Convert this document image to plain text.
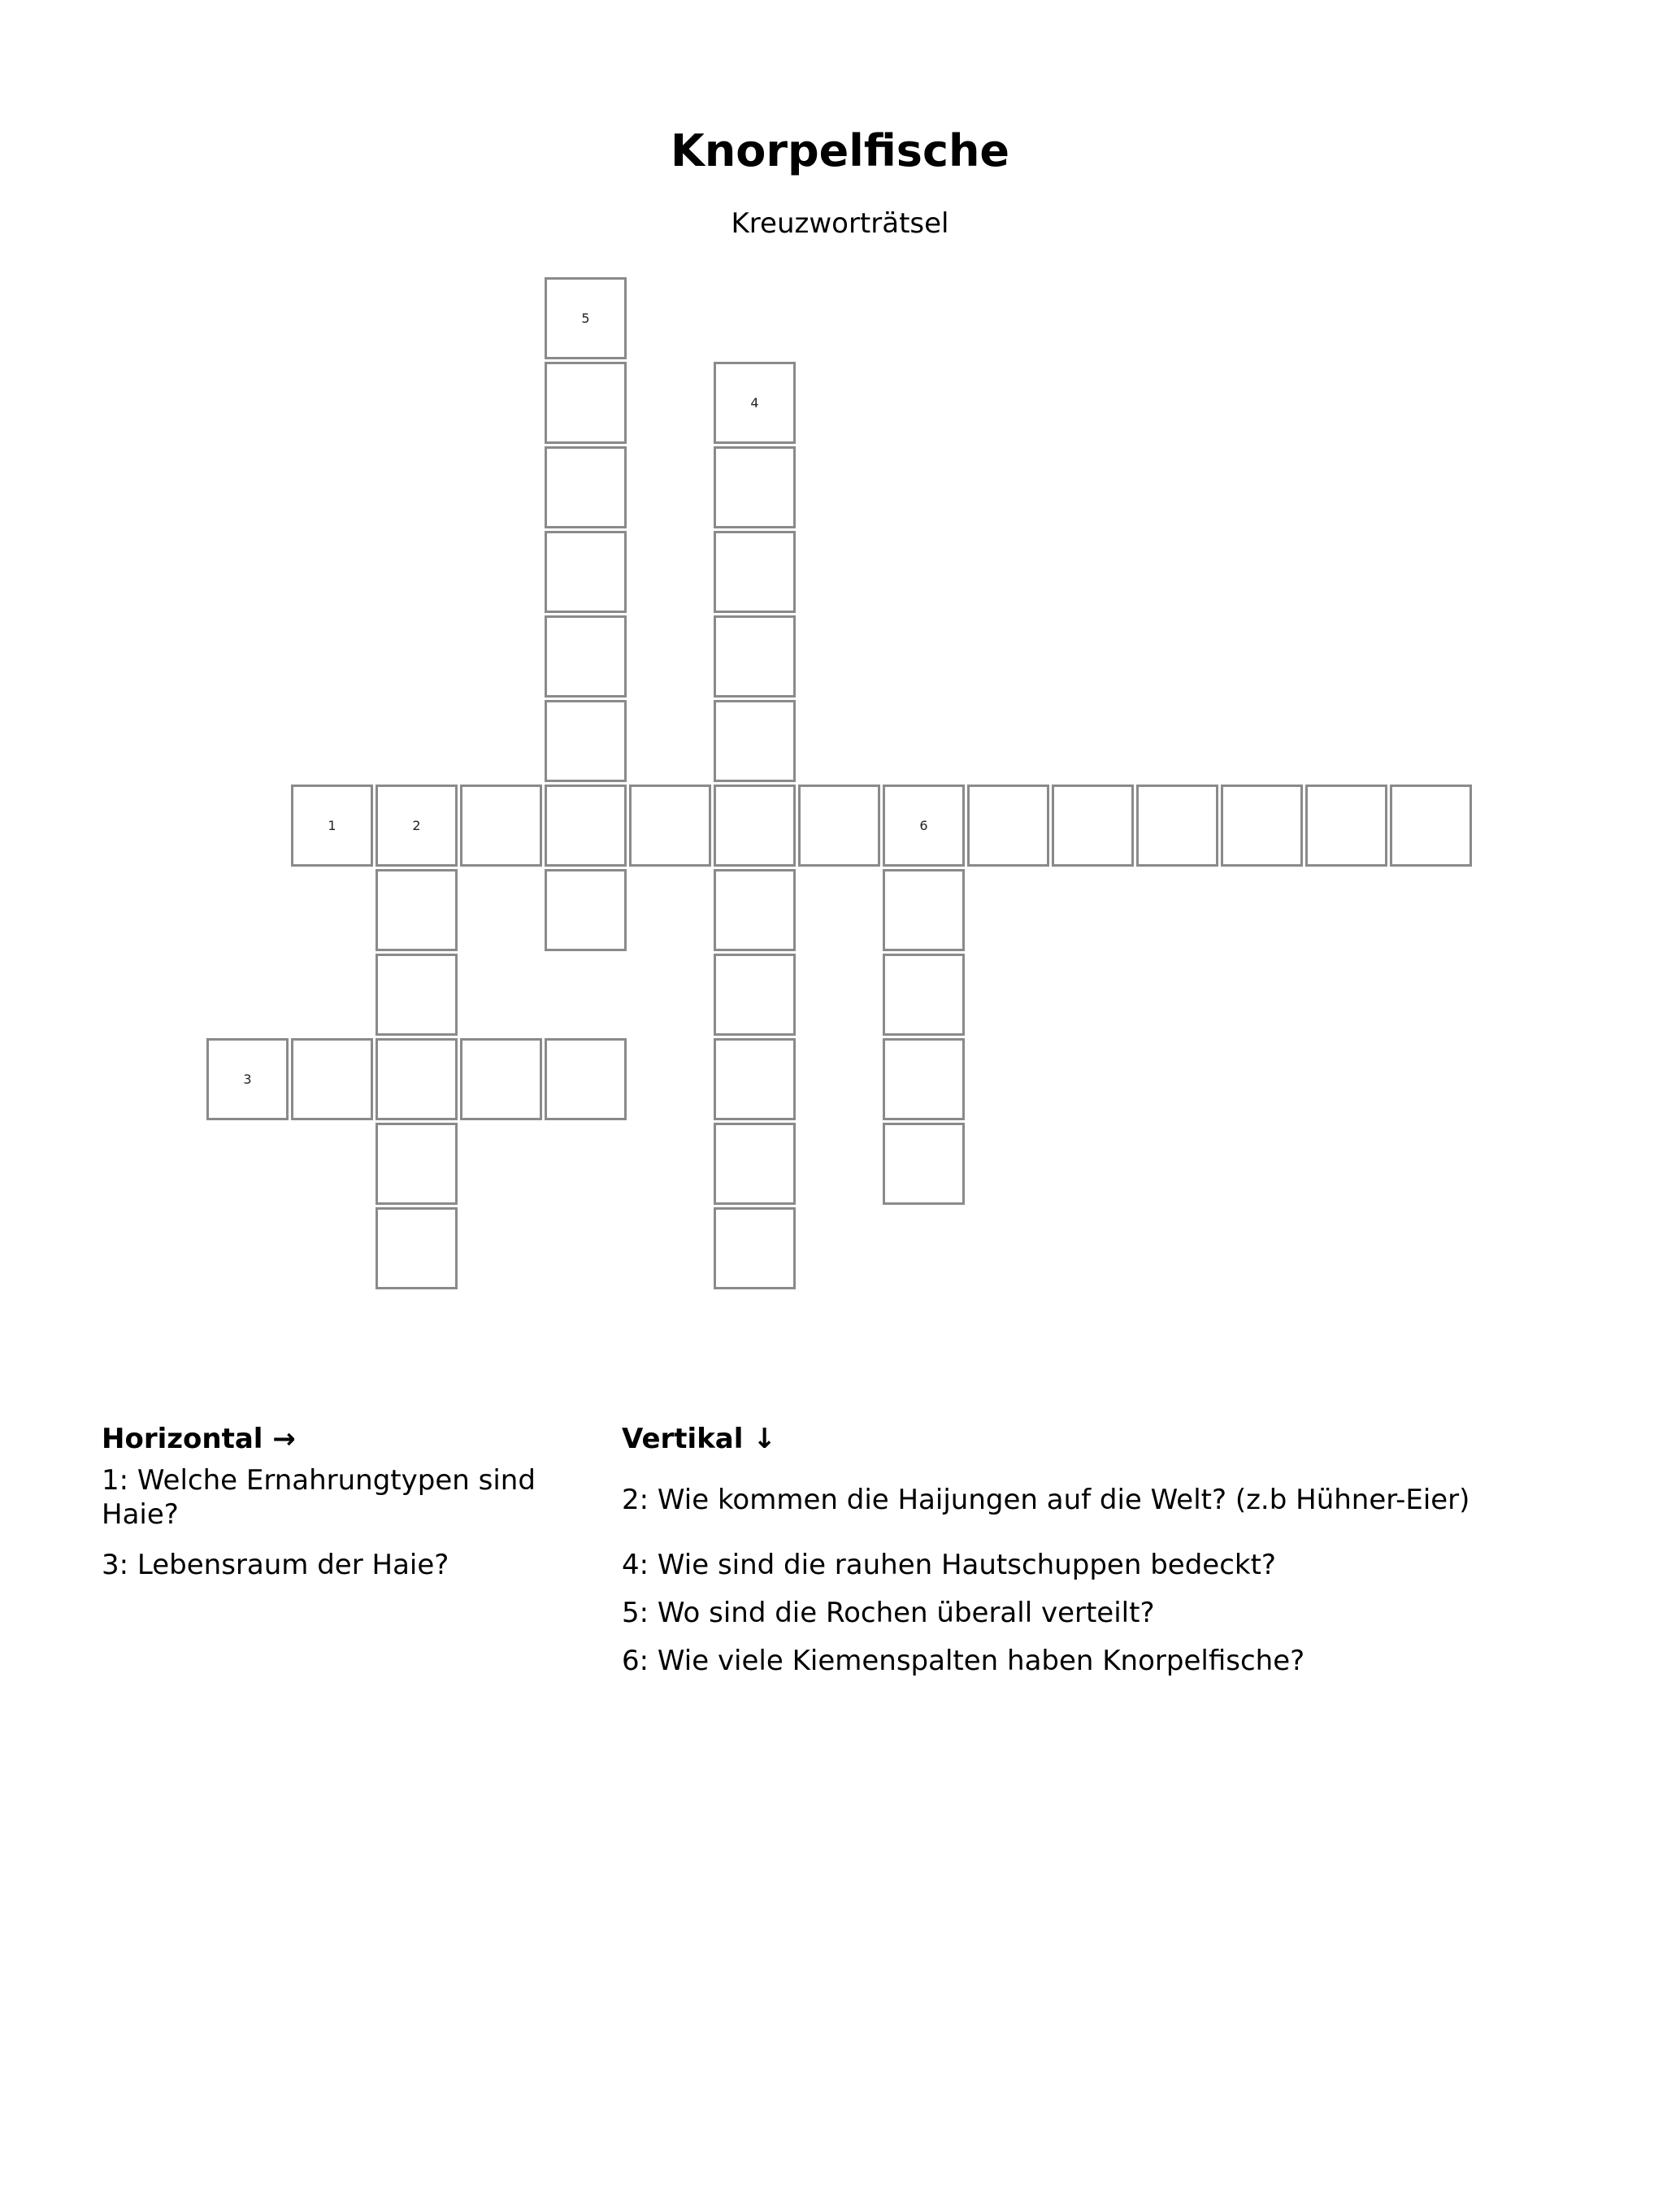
Knorpelfische
Kreuzworträtsel
5
4
1	2	6
3
Horizontal →
1: Welche Ernahrungtypen sind Haie?
3: Lebensraum der Haie?
Vertikal ↓
2: Wie kommen die Haijungen auf die Welt? (z.b Hühner-Eier)
4: Wie sind die rauhen Hautschuppen bedeckt?
5: Wo sind die Rochen überall verteilt?
6: Wie viele Kiemenspalten haben Knorpelfische?
